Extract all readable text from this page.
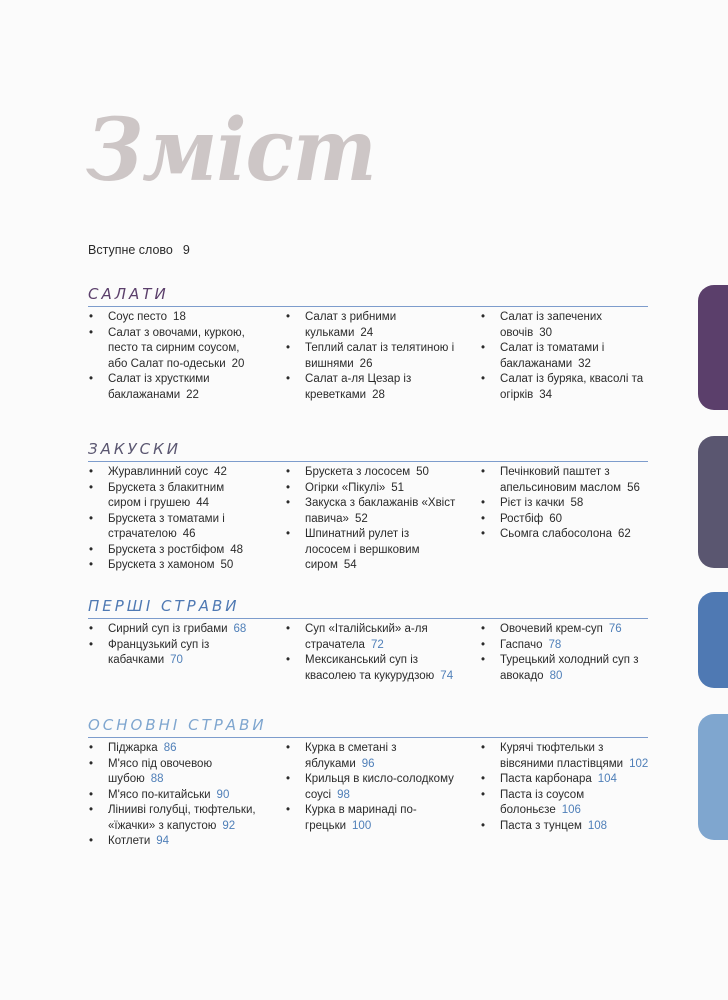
Зміст
Вступне слово 9
САЛАТИ
• Соус песто 18
• Салат з овочами, куркою, песто та сирним соусом, або Салат по-одеськи 20
• Салат із хрусткими баклажанами 22
• Салат з рибними кульками 24
• Теплий салат із телятиною і вишнями 26
• Салат а-ля Цезар із креветками 28
• Салат із запечених овочів 30
• Салат із томатами і баклажанами 32
• Салат із буряка, квасолі та огірків 34
ЗАКУСКИ
• Журавлинний соус 42
• Брускета з блакитним сиром і грушею 44
• Брускета з томатами і страчателою 46
• Брускета з ростбіфом 48
• Брускета з хамоном 50
• Брускета з лососем 50
• Огірки «Пікулі» 51
• Закуска з баклажанів «Хвіст павича» 52
• Шпинатний рулет із лососем і вершковим сиром 54
• Печінковий паштет з апельсиновим маслом 56
• Рієт із качки 58
• Ростбіф 60
• Сьомга слабосолона 62
ПЕРШІ СТРАВИ
• Сирний суп із грибами 68
• Французький суп із кабачками 70
• Суп «Італійський» а-ля страчатела 72
• Мексиканський суп із квасолею та кукурудзою 74
• Овочевий крем-суп 76
• Гаспачо 78
• Турецький холодний суп з авокадо 80
ОСНОВНІ СТРАВИ
• Піджарка 86
• М'ясо під овочевою шубою 88
• М'ясо по-китайськи 90
• Лінииві голубці, тюфтельки, «їжачки» з капустою 92
• Котлети 94
• Курка в сметані з яблуками 96
• Крильця в кисло-солодкому соусі 98
• Курка в маринаді по-грецьки 100
• Курячі тюфтельки з вівсяними пластівцями 102
• Паста карбонара 104
• Паста із соусом болоньєзе 106
• Паста з тунцем 108
